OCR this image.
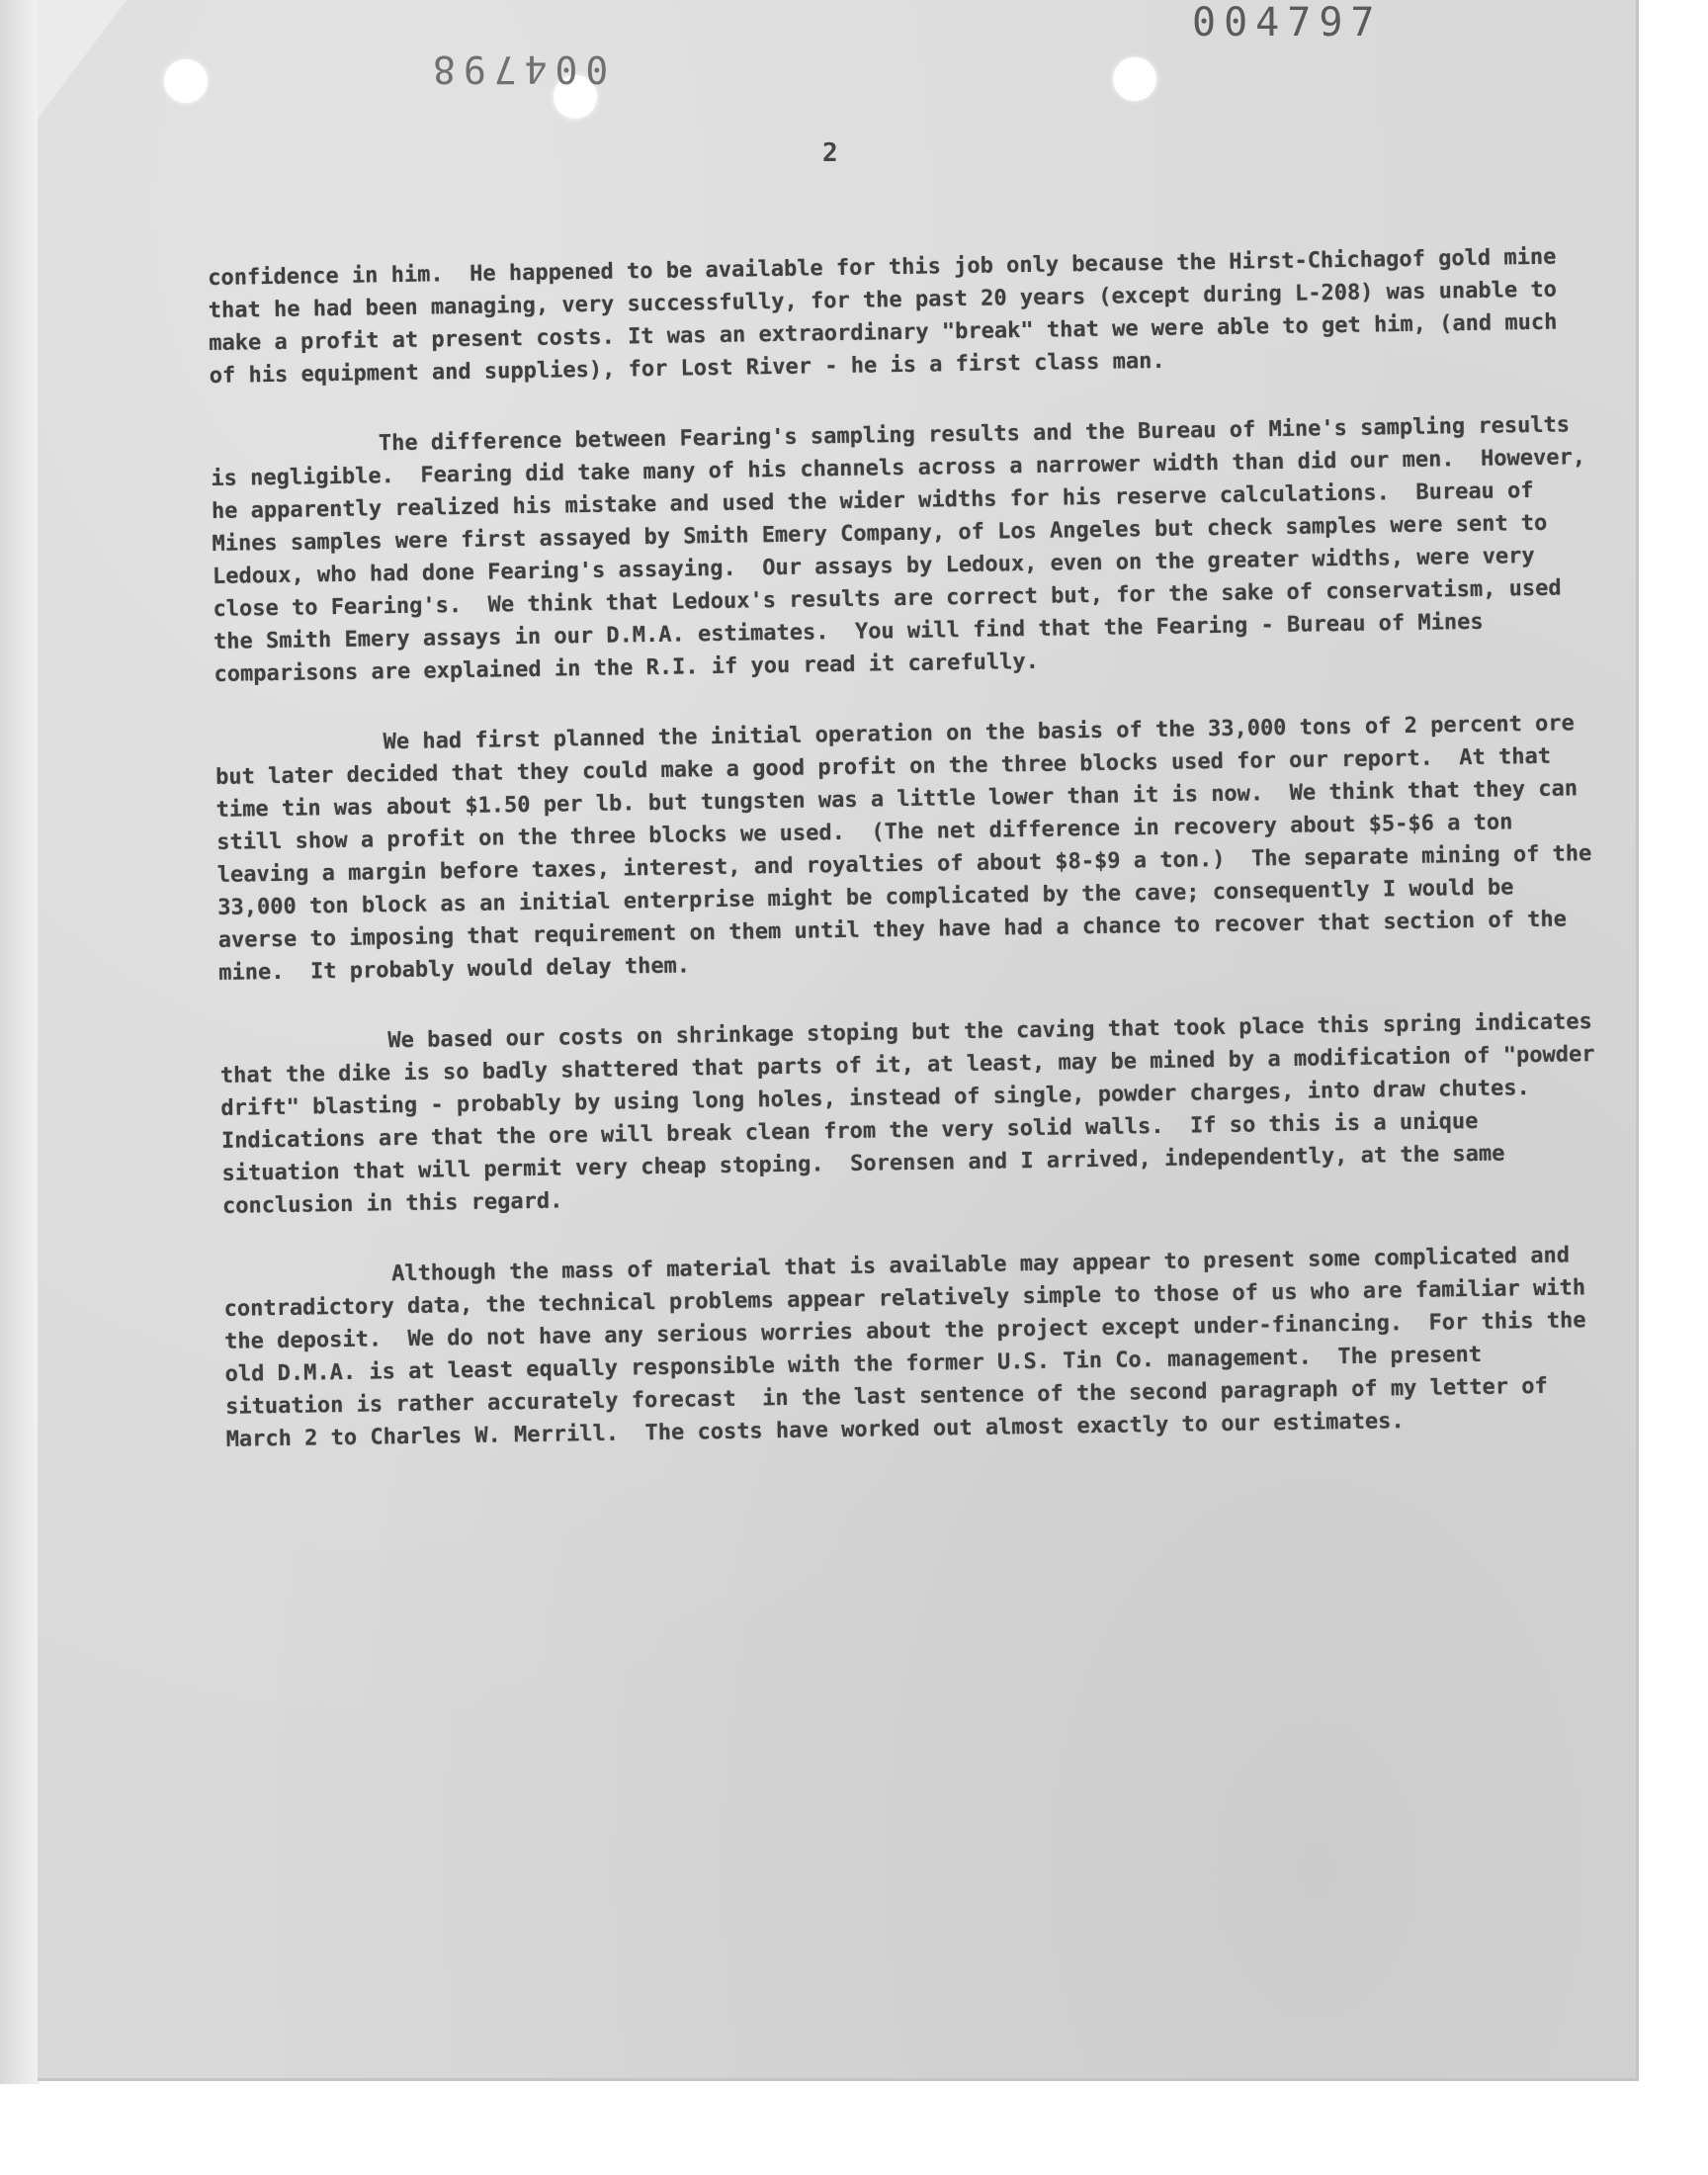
004798
004797
2

confidence in him.  He happened to be available for this job only because the Hirst-Chichagof gold mine that he had been managing, very successfully, for the past 20 years (except during L-208) was unable to make a profit at present costs. It was an extraordinary "break" that we were able to get him, (and much of his equipment and supplies), for Lost River - he is a first class man.

The difference between Fearing's sampling results and the Bureau of Mine's sampling results is negligible.  Fearing did take many of his channels across a narrower width than did our men.  However, he apparently realized his mistake and used the wider widths for his reserve calculations.  Bureau of Mines samples were first assayed by Smith Emery Company, of Los Angeles but check samples were sent to Ledoux, who had done Fearing's assaying.  Our assays by Ledoux, even on the greater widths, were very close to Fearing's.  We think that Ledoux's results are correct but, for the sake of conservatism, used the Smith Emery assays in our D.M.A. estimates.  You will find that the Fearing - Bureau of Mines comparisons are explained in the R.I. if you read it carefully.

We had first planned the initial operation on the basis of the 33,000 tons of 2 percent ore but later decided that they could make a good profit on the three blocks used for our report.  At that time tin was about $1.50 per lb. but tungsten was a little lower than it is now.  We think that they can still show a profit on the three blocks we used.  (The net difference in recovery about $5-$6 a ton leaving a margin before taxes, interest, and royalties of about $8-$9 a ton.)  The separate mining of the 33,000 ton block as an initial enterprise might be complicated by the cave; consequently I would be averse to imposing that requirement on them until they have had a chance to recover that section of the mine.  It probably would delay them.

We based our costs on shrinkage stoping but the caving that took place this spring indicates that the dike is so badly shattered that parts of it, at least, may be mined by a modification of "powder drift" blasting - probably by using long holes, instead of single, powder charges, into draw chutes.  Indications are that the ore will break clean from the very solid walls.  If so this is a unique situation that will permit very cheap stoping.  Sorensen and I arrived, independently, at the same conclusion in this regard.

Although the mass of material that is available may appear to present some complicated and contradictory data, the technical problems appear relatively simple to those of us who are familiar with the deposit.  We do not have any serious worries about the project except under-financing.  For this the old D.M.A. is at least equally responsible with the former U.S. Tin Co. management.  The present situation is rather accurately forecast  in the last sentence of the second paragraph of my letter of  March 2 to Charles W. Merrill.  The costs have worked out almost exactly to our estimates.
